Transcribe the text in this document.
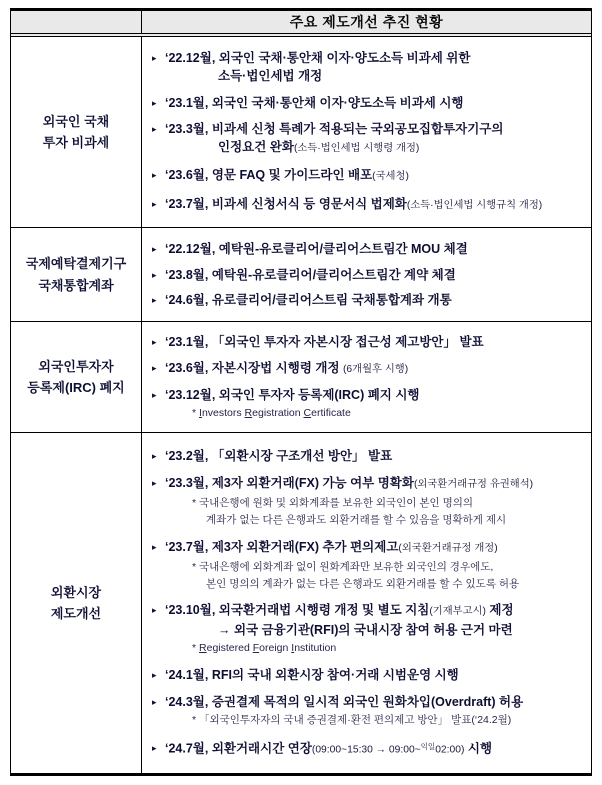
주요 제도개선 추진 현황
외국인 국채
투자 비과세
▸ ‘22.12월, 외국인 국채·통안채 이자·양도소득 비과세 위한
소득·법인세법 개정
▸ ‘23.1월, 외국인 국채·통안채 이자·양도소득 비과세 시행
▸ ‘23.3월, 비과세 신청 특례가 적용되는 국외공모집합투자기구의
인정요건 완화(소득·법인세법 시행령 개정)
▸ ‘23.6월, 영문 FAQ 및 가이드라인 배포(국세청)
▸ ‘23.7월, 비과세 신청서식 등 영문서식 법제화(소득·법인세법 시행규칙 개정)
국제예탁결제기구
국채통합계좌
▸ ‘22.12월, 예탁원-유로클리어/클리어스트림간 MOU 체결
▸ ‘23.8월, 예탁원-유로클리어/클리어스트림간 계약 체결
▸ ‘24.6월, 유로클리어/클리어스트림 국채통합계좌 개통
외국인투자자
등록제(IRC) 폐지
▸ ‘23.1월, 「외국인 투자자 자본시장 접근성 제고방안」 발표
▸ ‘23.6월, 자본시장법 시행령 개정 (6개월후 시행)
▸ ‘23.12월, 외국인 투자자 등록제(IRC) 폐지 시행
* Investors Registration Certificate
외환시장
제도개선
▸ ‘23.2월, 「외환시장 구조개선 방안」 발표
▸ ‘23.3월, 제3자 외환거래(FX) 가능 여부 명확화(외국환거래규정 유권해석)
* 국내은행에 원화 및 외화계좌를 보유한 외국인이 본인 명의의
계좌가 없는 다른 은행과도 외환거래를 할 수 있음을 명확하게 제시
▸ ‘23.7월, 제3자 외환거래(FX) 추가 편의제고(외국환거래규정 개정)
* 국내은행에 외화계좌 없이 원화계좌만 보유한 외국인의 경우에도,
본인 명의의 계좌가 없는 다른 은행과도 외환거래를 할 수 있도록 허용
▸ ‘23.10월, 외국환거래법 시행령 개정 및 별도 지침(기재부고시) 제정
→ 외국 금융기관(RFI)의 국내시장 참여 허용 근거 마련
* Registered Foreign Institution
▸ ‘24.1월, RFI의 국내 외환시장 참여·거래 시범운영 시행
▸ ‘24.3월, 증권결제 목적의 일시적 외국인 원화차입(Overdraft) 허용
* 「외국인투자자의 국내 증권결제·환전 편의제고 방안」 발표(‘24.2월)
▸ ‘24.7월, 외환거래시간 연장(09:00~15:30 → 09:00~$^{익일}$02:00) 시행
